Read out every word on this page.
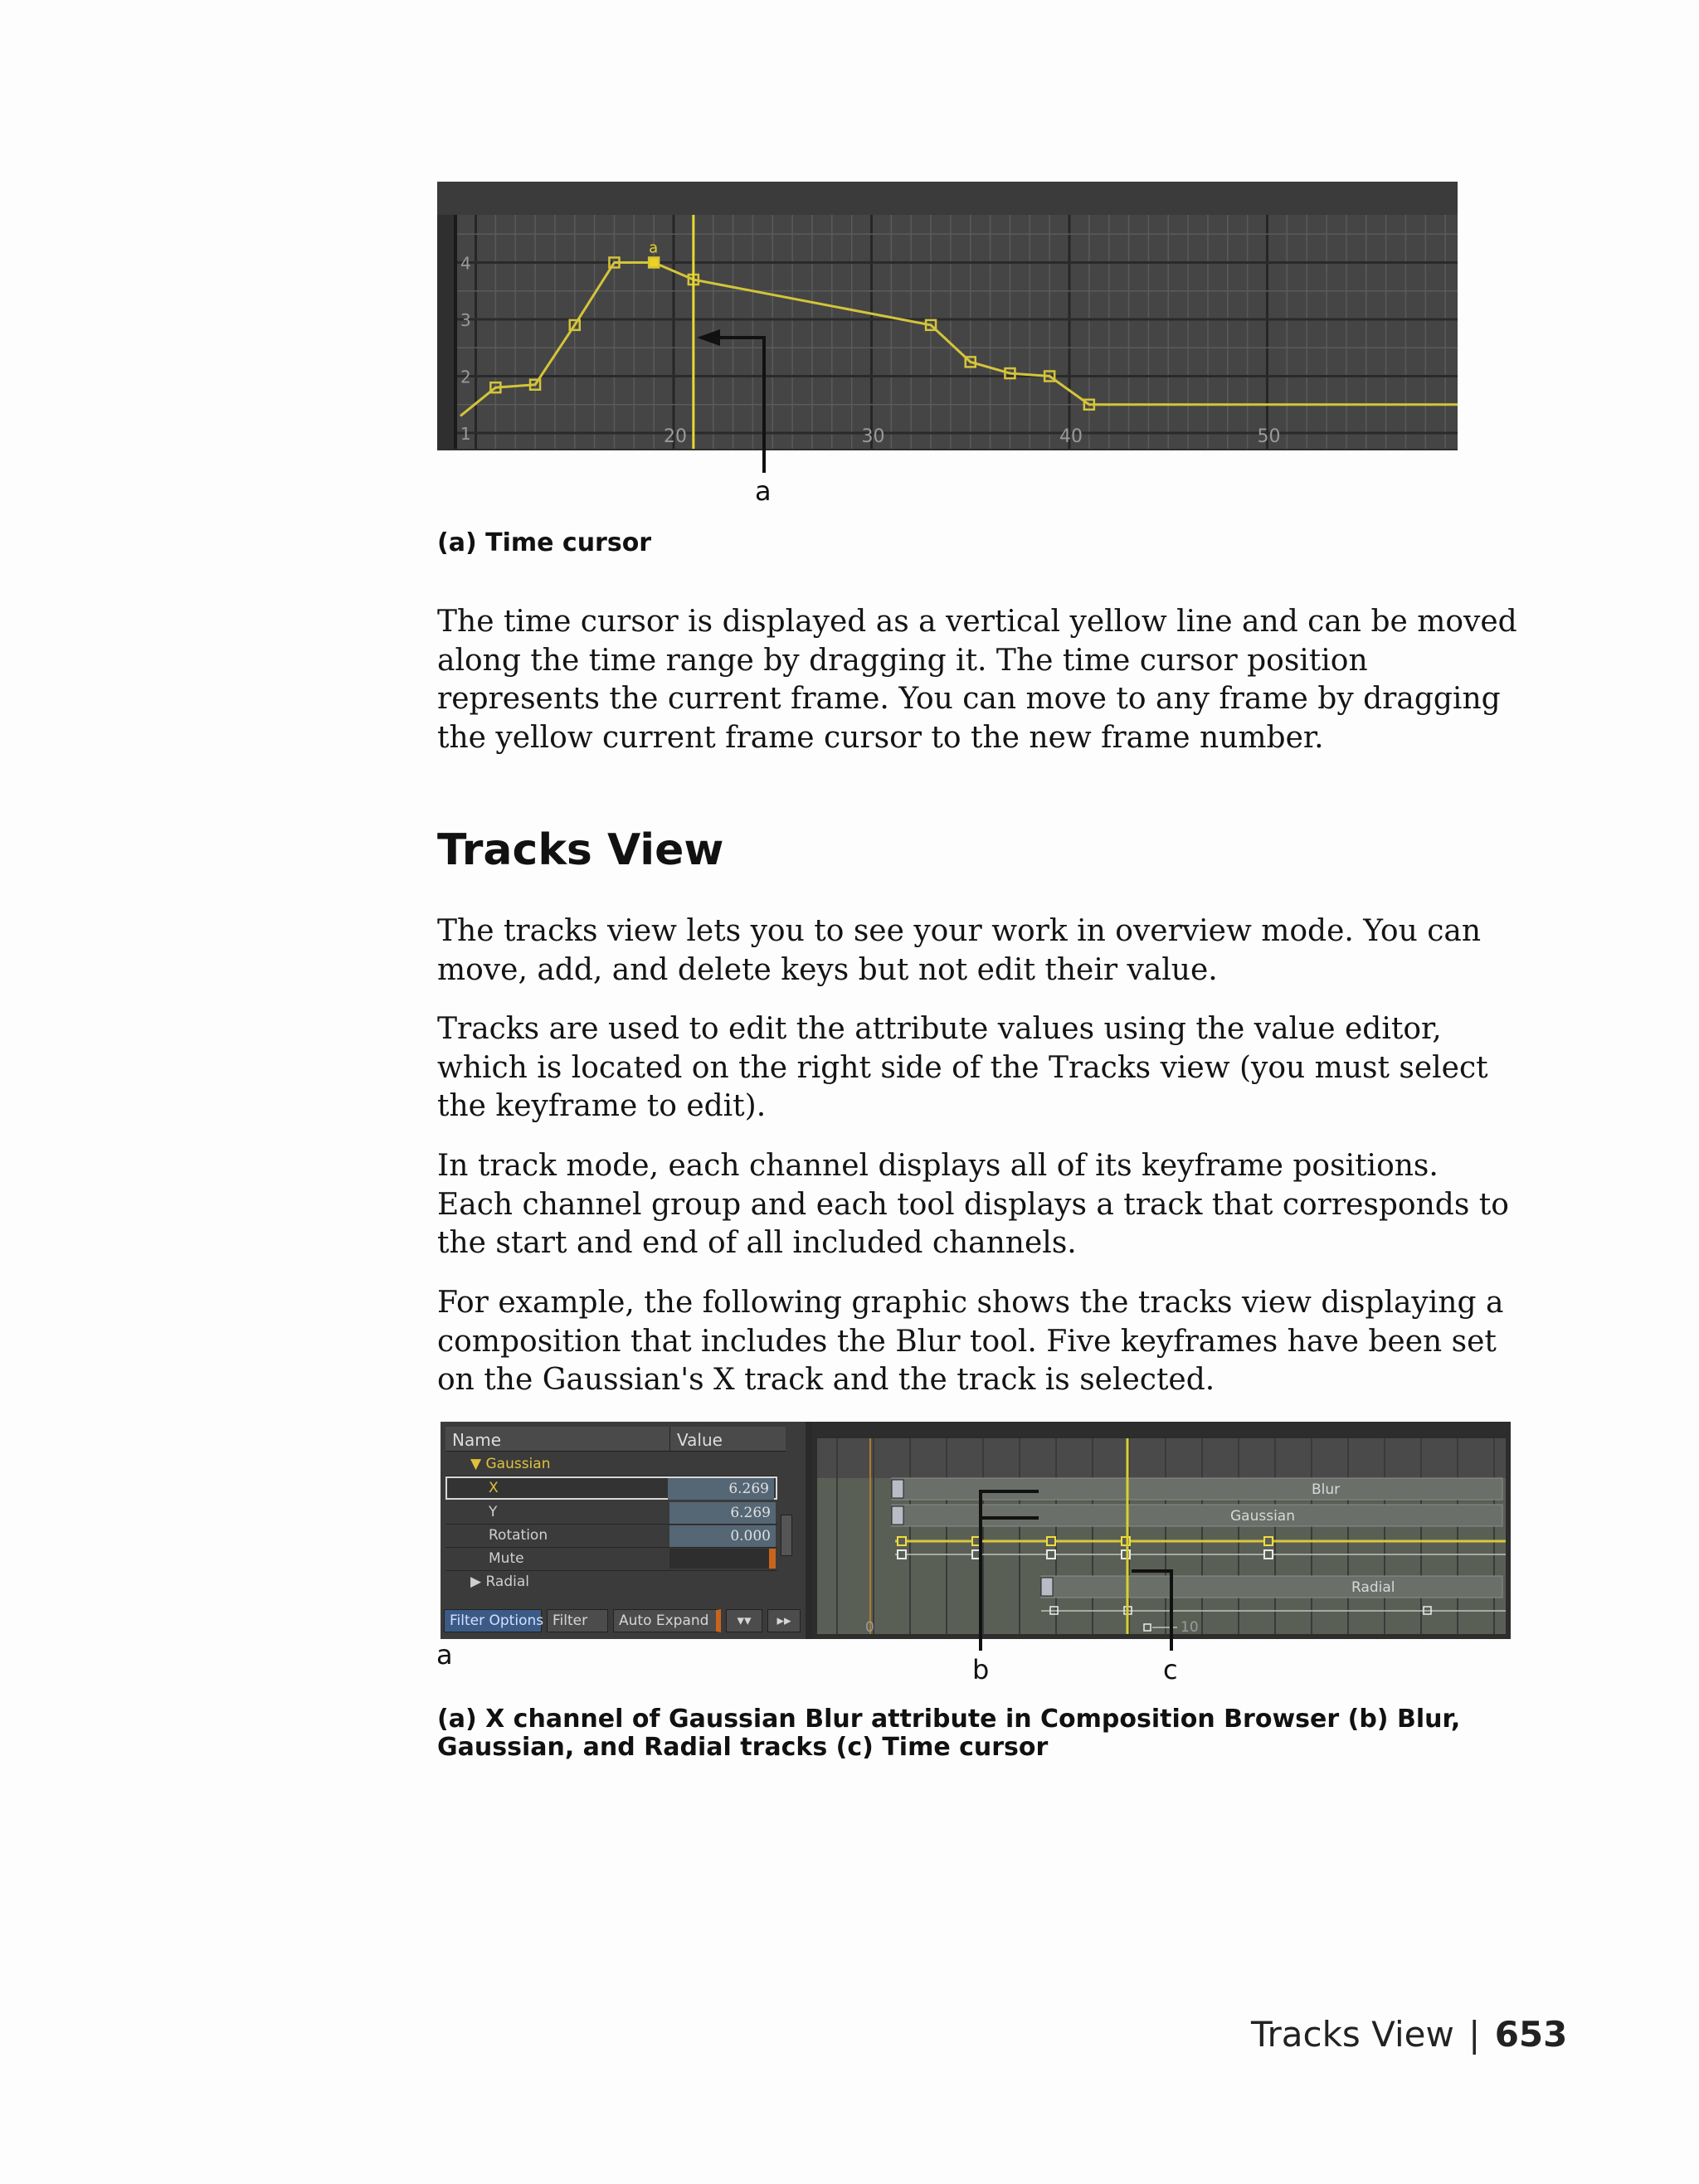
1
2
3
4
20	30	40	50
a
a
(a) Time cursor

The time cursor is displayed as a vertical yellow line and can be moved along the time range by dragging it. The time cursor position represents the current frame. You can move to any frame by dragging the yellow current frame cursor to the new frame number.

Tracks View

The tracks view lets you to see your work in overview mode. You can move, add, and delete keys but not edit their value.

Tracks are used to edit the attribute values using the value editor, which is located on the right side of the Tracks view (you must select the keyframe to edit).

In track mode, each channel displays all of its keyframe positions. Each channel group and each tool displays a track that corresponds to the start and end of all included channels.

For example, the following graphic shows the tracks view displaying a composition that includes the Blur tool. Five keyframes have been set on the Gaussian's X track and the track is selected.

Name	Value
▼ Gaussian
X	6.269
Y	6.269
Rotation	0.000
Mute
▶ Radial
Filter Options Filter	Auto Expand	▾▾	▸▸
Blur
Gaussian
Radial
0	10
a	b	c
(a) X channel of Gaussian Blur attribute in Composition Browser (b) Blur, Gaussian, and Radial tracks (c) Time cursor
Tracks View | 653
